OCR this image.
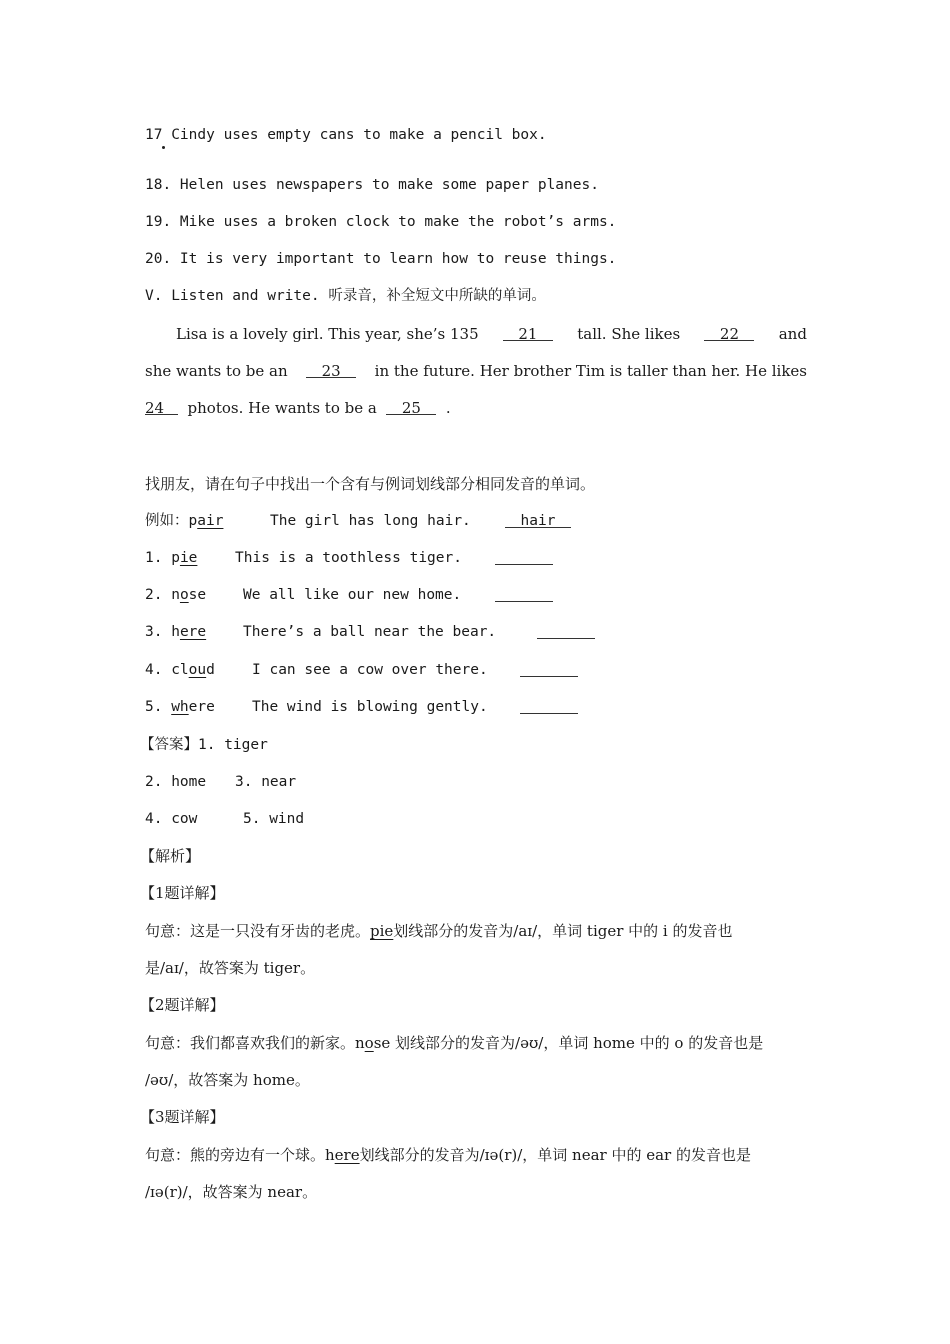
17 Cindy uses empty cans to make a pencil box.
18. Helen uses newspapers to make some paper planes.
19. Mike uses a broken clock to make the robot’s arms.
20. It is very important to learn how to reuse things.
V. Listen and write. 听录音，补全短文中所缺的单词。
Lisa is a lovely girl. This year, she’s 135	21	tall. She likes	22	and
she wants to be an	23	in the future. Her brother Tim is taller than her. He likes
24 photos. He wants to be a 25 .
找朋友，请在句子中找出一个含有与例词划线部分相同发音的单词。
例如：pair	The girl has long hair.	hair
1. pie	This is a toothless tiger.
2. nose	We all like our new home.
3. here	There’s a ball near the bear.
4. cloud	I can see a cow over there.
5. where	The wind is blowing gently.
【答案】1. tiger
2. home 3. near
4. cow	5. wind
【解析】
【1题详解】
句意：这是一只没有牙齿的老虎。pie划线部分的发音为/aɪ/，单词 tiger 中的 i 的发音也
是/aɪ/，故答案为 tiger。
【2题详解】
句意：我们都喜欢我们的新家。nose 划线部分的发音为/əʊ/，单词 home 中的 o 的发音也是
/əʊ/，故答案为 home。
【3题详解】
句意：熊的旁边有一个球。here划线部分的发音为/ɪə(r)/，单词 near 中的 ear 的发音也是
/ɪə(r)/，故答案为 near。
